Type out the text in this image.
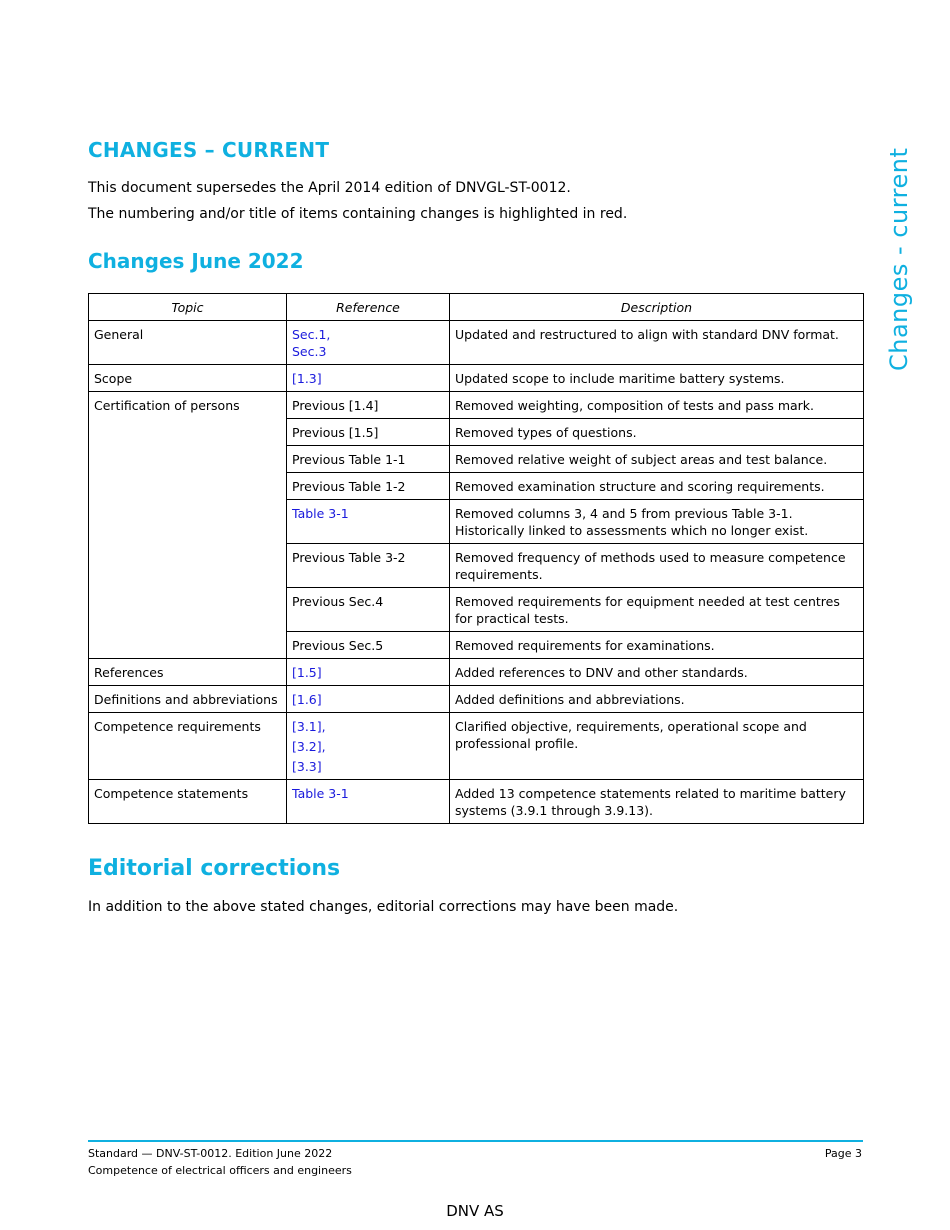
Changes - current
CHANGES – CURRENT

This document supersedes the April 2014 edition of DNVGL-ST-0012.

The numbering and/or title of items containing changes is highlighted in red.

Changes June 2022
Topic	Reference	Description
General	Sec.1,
Sec.3	Updated and restructured to align with standard DNV format.
Scope	[1.3]	Updated scope to include maritime battery systems.
Certification of persons	Previous [1.4]	Removed weighting, composition of tests and pass mark.
	Previous [1.5]	Removed types of questions.
	Previous Table 1-1	Removed relative weight of subject areas and test balance.
	Previous Table 1-2	Removed examination structure and scoring requirements.
	Table 3-1	Removed columns 3, 4 and 5 from previous Table 3-1. Historically linked to assessments which no longer exist.
	Previous Table 3-2	Removed frequency of methods used to measure competence requirements.
	Previous Sec.4	Removed requirements for equipment needed at test centres for practical tests.
	Previous Sec.5	Removed requirements for examinations.
References	[1.5]	Added references to DNV and other standards.
Definitions and abbreviations	[1.6]	Added definitions and abbreviations.
Competence requirements	[3.1],
[3.2],
[3.3]	Clarified objective, requirements, operational scope and professional profile.
Competence statements	Table 3-1	Added 13 competence statements related to maritime battery systems (3.9.1 through 3.9.13).
Editorial corrections

In addition to the above stated changes, editorial corrections may have been made.

Standard — DNV-ST-0012. Edition June 2022
Competence of electrical officers and engineers
Page 3
DNV AS
